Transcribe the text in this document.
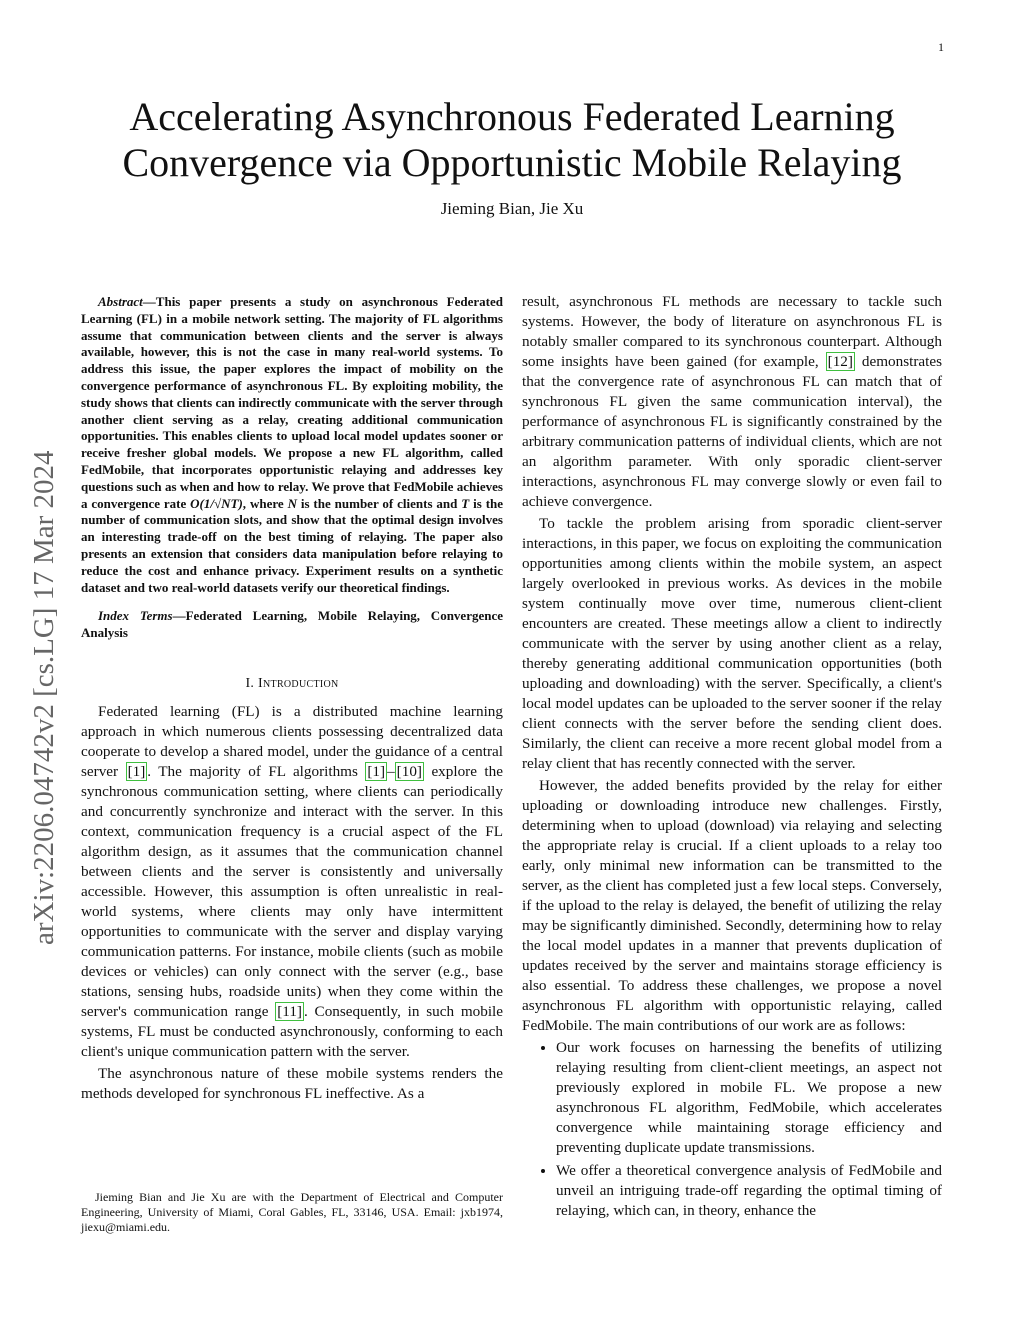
1
arXiv:2206.04742v2 [cs.LG] 17 Mar 2024
Accelerating Asynchronous Federated Learning Convergence via Opportunistic Mobile Relaying
Jieming Bian, Jie Xu

Abstract—This paper presents a study on asynchronous Federated Learning (FL) in a mobile network setting. The majority of FL algorithms assume that communication between clients and the server is always available, however, this is not the case in many real-world systems. To address this issue, the paper explores the impact of mobility on the convergence performance of asynchronous FL. By exploiting mobility, the study shows that clients can indirectly communicate with the server through another client serving as a relay, creating additional communication opportunities. This enables clients to upload local model updates sooner or receive fresher global models. We propose a new FL algorithm, called FedMobile, that incorporates opportunistic relaying and addresses key questions such as when and how to relay. We prove that FedMobile achieves a convergence rate O(1/√NT), where N is the number of clients and T is the number of communication slots, and show that the optimal design involves an interesting trade-off on the best timing of relaying. The paper also presents an extension that considers data manipulation before relaying to reduce the cost and enhance privacy. Experiment results on a synthetic dataset and two real-world datasets verify our theoretical findings.

Index Terms—Federated Learning, Mobile Relaying, Convergence Analysis

I. Introduction

Federated learning (FL) is a distributed machine learning approach in which numerous clients possessing decentralized data cooperate to develop a shared model, under the guidance of a central server [1] . The majority of FL algorithms [1] – [10] explore the synchronous communication setting, where clients can periodically and concurrently synchronize and interact with the server. In this context, communication frequency is a crucial aspect of the FL algorithm design, as it assumes that the communication channel between clients and the server is consistently and universally accessible. However, this assumption is often unrealistic in real-world systems, where clients may only have intermittent opportunities to communicate with the server and display varying communication patterns. For instance, mobile clients (such as mobile devices or vehicles) can only connect with the server (e.g., base stations, sensing hubs, roadside units) when they come within the server's communication range [11] . Consequently, in such mobile systems, FL must be conducted asynchronously, conforming to each client's unique communication pattern with the server.

The asynchronous nature of these mobile systems renders the methods developed for synchronous FL ineffective. As a

Jieming Bian and Jie Xu are with the Department of Electrical and Computer Engineering, University of Miami, Coral Gables, FL, 33146, USA. Email: jxb1974, jiexu@miami.edu.

result, asynchronous FL methods are necessary to tackle such systems. However, the body of literature on asynchronous FL is notably smaller compared to its synchronous counterpart. Although some insights have been gained (for example, [12] demonstrates that the convergence rate of asynchronous FL can match that of synchronous FL given the same communication interval), the performance of asynchronous FL is significantly constrained by the arbitrary communication patterns of individual clients, which are not an algorithm parameter. With only sporadic client-server interactions, asynchronous FL may converge slowly or even fail to achieve convergence.

To tackle the problem arising from sporadic client-server interactions, in this paper, we focus on exploiting the communication opportunities among clients within the mobile system, an aspect largely overlooked in previous works. As devices in the mobile system continually move over time, numerous client-client encounters are created. These meetings allow a client to indirectly communicate with the server by using another client as a relay, thereby generating additional communication opportunities (both uploading and downloading) with the server. Specifically, a client's local model updates can be uploaded to the server sooner if the relay client connects with the server before the sending client does. Similarly, the client can receive a more recent global model from a relay client that has recently connected with the server.

However, the added benefits provided by the relay for either uploading or downloading introduce new challenges. Firstly, determining when to upload (download) via relaying and selecting the appropriate relay is crucial. If a client uploads to a relay too early, only minimal new information can be transmitted to the server, as the client has completed just a few local steps. Conversely, if the upload to the relay is delayed, the benefit of utilizing the relay may be significantly diminished. Secondly, determining how to relay the local model updates in a manner that prevents duplication of updates received by the server and maintains storage efficiency is also essential. To address these challenges, we propose a novel asynchronous FL algorithm with opportunistic relaying, called FedMobile. The main contributions of our work are as follows:

• Our work focuses on harnessing the benefits of utilizing relaying resulting from client-client meetings, an aspect not previously explored in mobile FL. We propose a new asynchronous FL algorithm, FedMobile, which accelerates convergence while maintaining storage efficiency and preventing duplicate update transmissions.
• We offer a theoretical convergence analysis of FedMobile and unveil an intriguing trade-off regarding the optimal timing of relaying, which can, in theory, enhance the
